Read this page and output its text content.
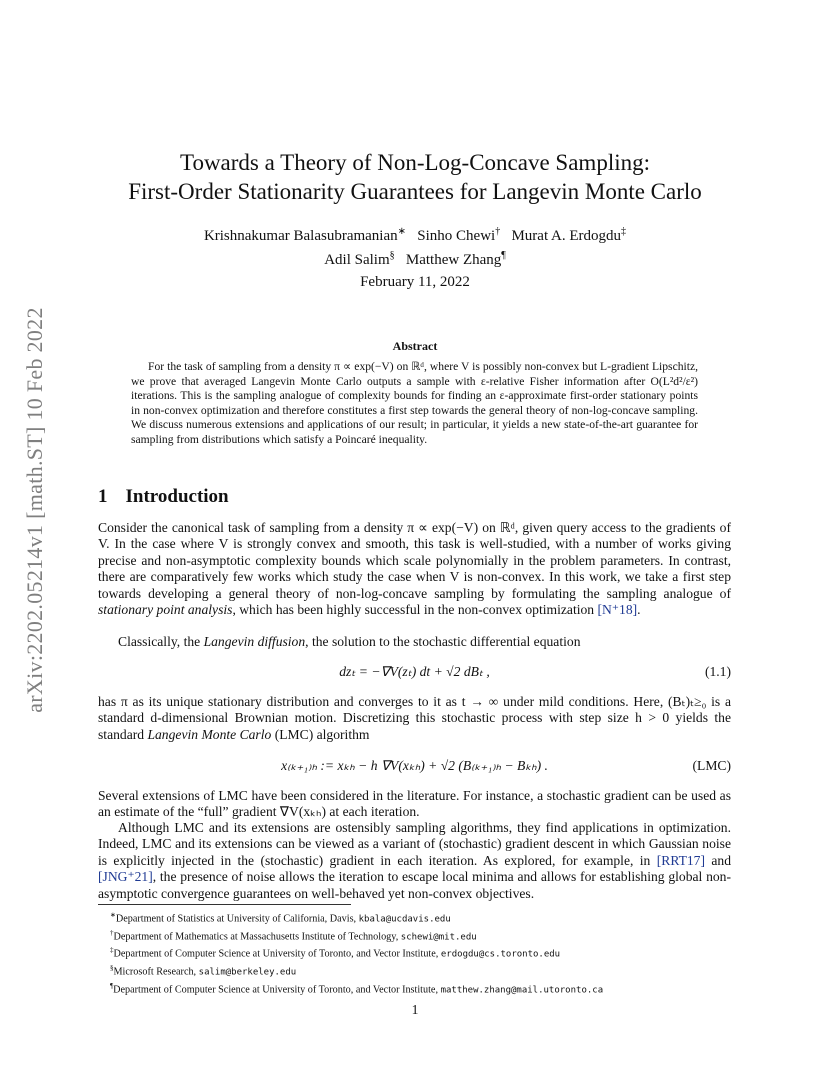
arXiv:2202.05214v1 [math.ST] 10 Feb 2022
Towards a Theory of Non-Log-Concave Sampling:
First-Order Stationarity Guarantees for Langevin Monte Carlo
Krishnakumar Balasubramanian∗ Sinho Chewi† Murat A. Erdogdu‡
Adil Salim§ Matthew Zhang¶
February 11, 2022
Abstract
For the task of sampling from a density π ∝ exp(−V) on ℝᵈ, where V is possibly non-convex but L-gradient Lipschitz, we prove that averaged Langevin Monte Carlo outputs a sample with ε-relative Fisher information after O(L²d²/ε²) iterations. This is the sampling analogue of complexity bounds for finding an ε-approximate first-order stationary points in non-convex optimization and therefore constitutes a first step towards the general theory of non-log-concave sampling. We discuss numerous extensions and applications of our result; in particular, it yields a new state-of-the-art guarantee for sampling from distributions which satisfy a Poincaré inequality.
1 Introduction
Consider the canonical task of sampling from a density π ∝ exp(−V) on ℝᵈ, given query access to the gradients of V. In the case where V is strongly convex and smooth, this task is well-studied, with a number of works giving precise and non-asymptotic complexity bounds which scale polynomially in the problem parameters. In contrast, there are comparatively few works which study the case when V is non-convex. In this work, we take a first step towards developing a general theory of non-log-concave sampling by formulating the sampling analogue of stationary point analysis, which has been highly successful in the non-convex optimization [N⁺18].
Classically, the Langevin diffusion, the solution to the stochastic differential equation
dzₜ = −∇V(zₜ) dt + √2 dBₜ ,	(1.1)
has π as its unique stationary distribution and converges to it as t → ∞ under mild conditions. Here, (Bₜ)ₜ≥₀ is a standard d-dimensional Brownian motion. Discretizing this stochastic process with step size h > 0 yields the standard Langevin Monte Carlo (LMC) algorithm
x₍ₖ₊₁₎ₕ := xₖₕ − h ∇V(xₖₕ) + √2 (B₍ₖ₊₁₎ₕ − Bₖₕ) .	(LMC)
Several extensions of LMC have been considered in the literature. For instance, a stochastic gradient can be used as an estimate of the “full” gradient ∇V(xₖₕ) at each iteration.
Although LMC and its extensions are ostensibly sampling algorithms, they find applications in optimization. Indeed, LMC and its extensions can be viewed as a variant of (stochastic) gradient descent in which Gaussian noise is explicitly injected in the (stochastic) gradient in each iteration. As explored, for example, in [RRT17] and [JNG⁺21], the presence of noise allows the iteration to escape local minima and allows for establishing global non-asymptotic convergence guarantees on well-behaved yet non-convex objectives.
∗Department of Statistics at University of California, Davis, kbala@ucdavis.edu
†Department of Mathematics at Massachusetts Institute of Technology, schewi@mit.edu
‡Department of Computer Science at University of Toronto, and Vector Institute, erdogdu@cs.toronto.edu
§Microsoft Research, salim@berkeley.edu
¶Department of Computer Science at University of Toronto, and Vector Institute, matthew.zhang@mail.utoronto.ca
1
